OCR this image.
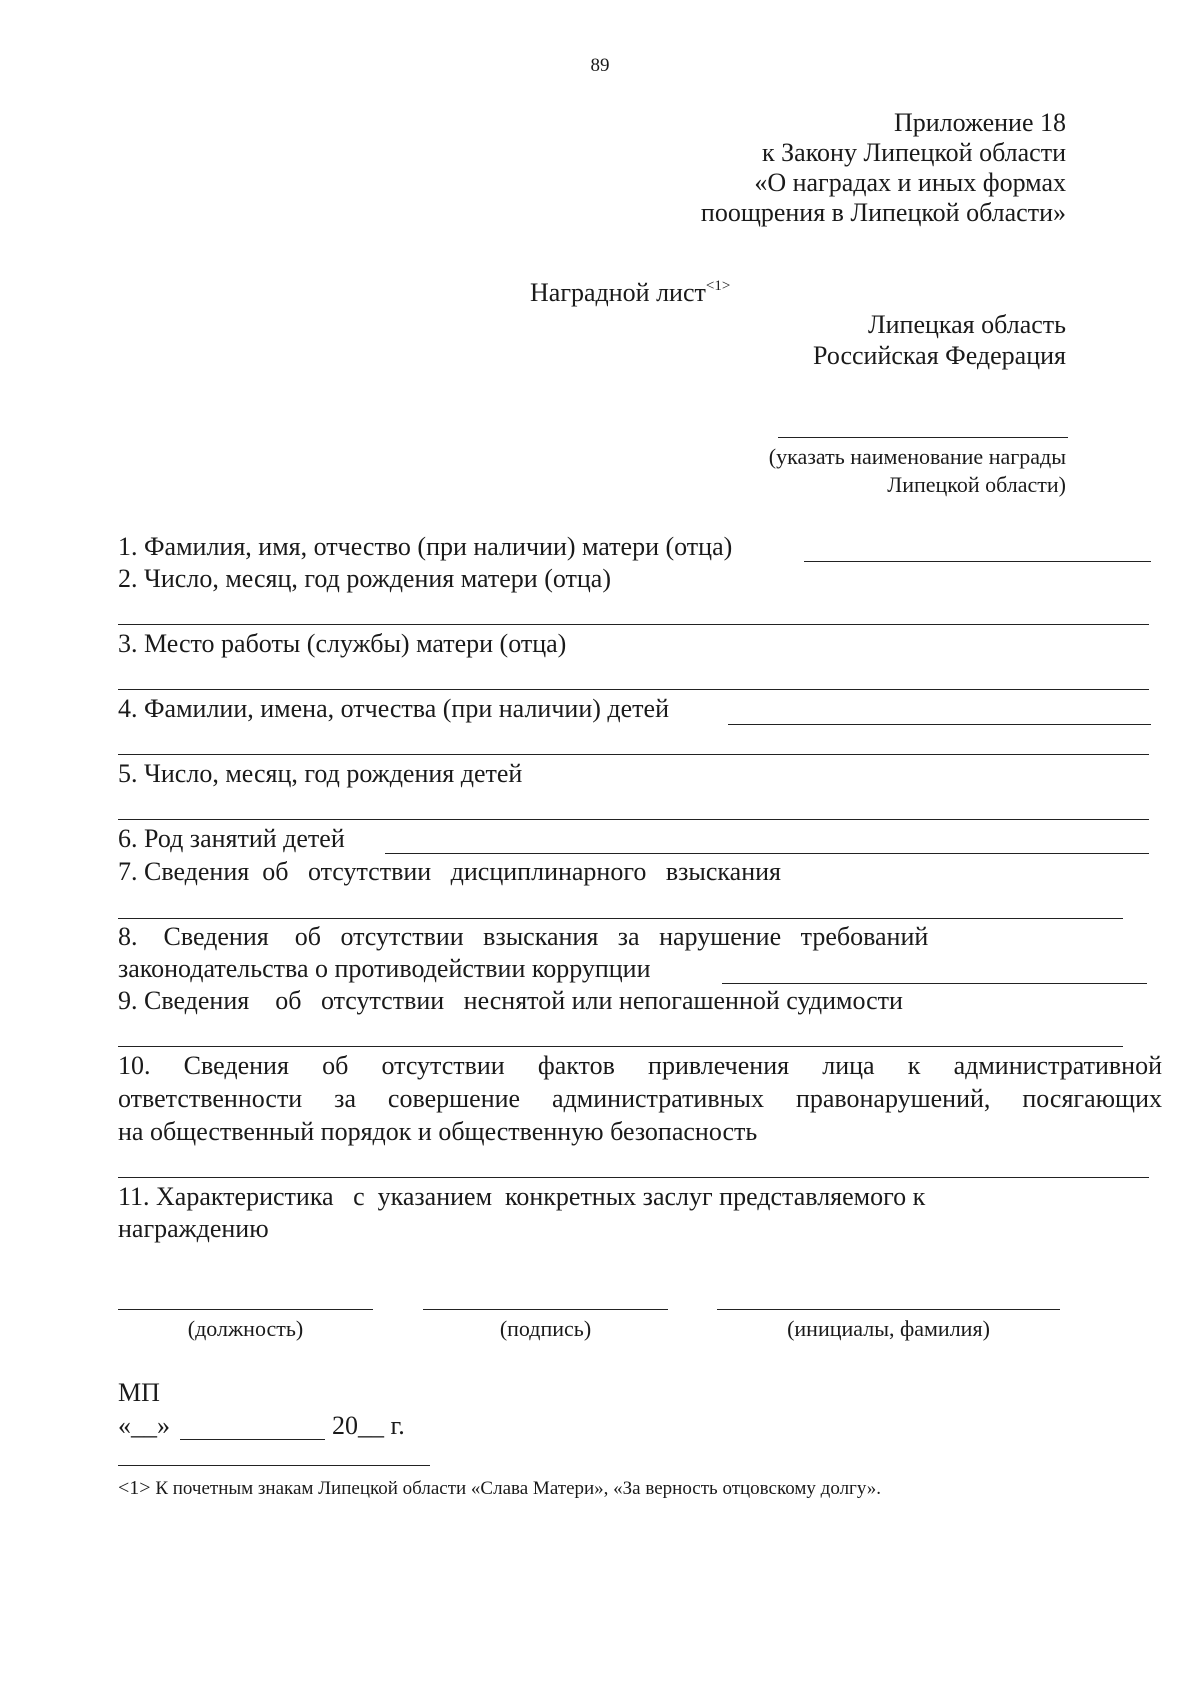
89
Приложение 18
к Закону Липецкой области
«О наградах и иных формах
поощрения в Липецкой области»
Наградной лист$^{<1>}$
Липецкая область
Российская Федерация
(указать наименование награды
Липецкой области)
1. Фамилия, имя, отчество (при наличии) матери (отца)
2. Число, месяц, год рождения матери (отца)
3. Место работы (службы) матери (отца)
4. Фамилии, имена, отчества (при наличии) детей
5. Число, месяц, год рождения детей
6. Род занятий детей
7. Сведения  об   отсутствии   дисциплинарного   взыскания
8.    Сведения    об   отсутствии   взыскания   за   нарушение   требований
законодательства о противодействии коррупции
9. Сведения    об   отсутствии   неснятой или непогашенной судимости
10. Сведения об отсутствии фактов привлечения лица к административной
ответственности за совершение административных правонарушений, посягающих
на общественный порядок и общественную безопасность
11. Характеристика   с  указанием  конкретных заслуг представляемого к
награждению
(должность)	(подпись)	(инициалы, фамилия)
МП
«__»	20__ г.
<1> К почетным знакам Липецкой области «Слава Матери», «За верность отцовскому долгу».
